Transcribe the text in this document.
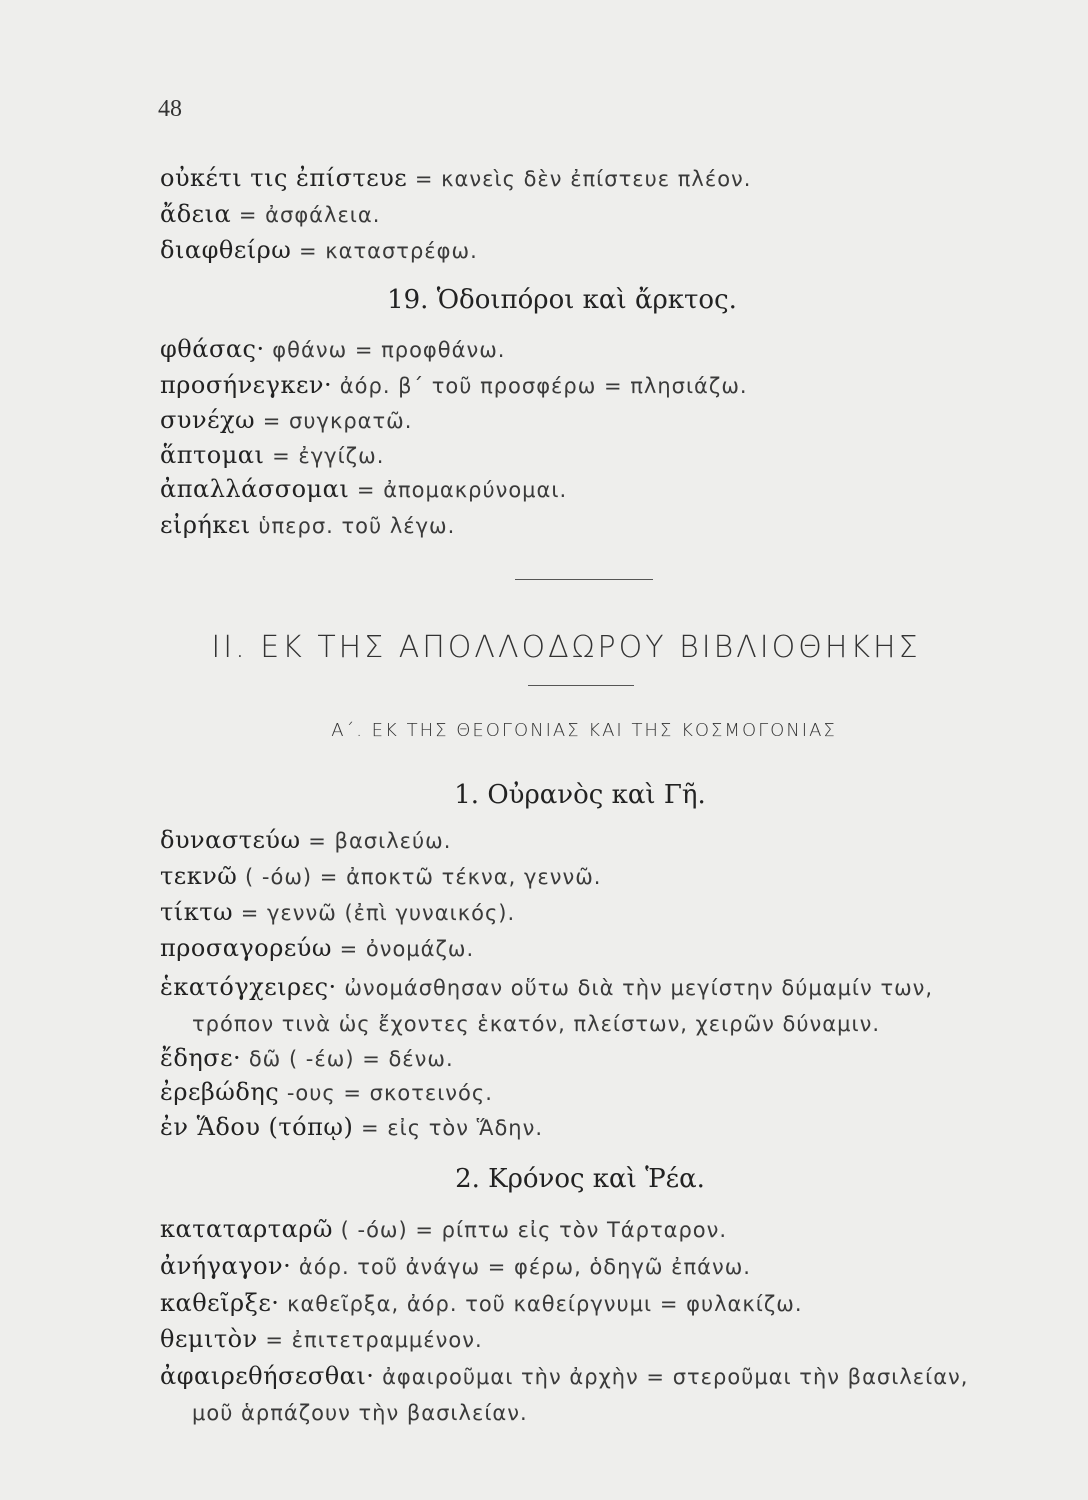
48
οὐκέτι τις ἐπίστευε = κανεὶς δὲν ἐπίστευε πλέον.
ἄδεια = ἀσφάλεια.
διαφθείρω = καταστρέφω.
19. Ὁδοιπόροι καὶ ἄρκτος.
φθάσας· φθάνω = προφθάνω.
προσήνεγκεν· ἀόρ. β΄ τοῦ προσφέρω = πλησιάζω.
συνέχω = συγκρατῶ.
ἅπτομαι = ἐγγίζω.
ἀπαλλάσσομαι = ἀπομακρύνομαι.
εἰρήκει ὑπερσ. τοῦ λέγω.
II. ΕΚ ΤΗΣ ΑΠΟΛΛΟΔΩΡΟΥ ΒΙΒΛΙΟΘΗΚΗΣ
Α΄. ΕΚ ΤΗΣ ΘΕΟΓΟΝΙΑΣ ΚΑΙ ΤΗΣ ΚΟΣΜΟΓΟΝΙΑΣ
1. Οὐρανὸς καὶ Γῆ.
δυναστεύω = βασιλεύω.
τεκνῶ ( -όω) = ἀποκτῶ τέκνα, γεννῶ.
τίκτω = γεννῶ (ἐπὶ γυναικός).
προσαγορεύω = ὀνομάζω.
ἑκατόγχειρες· ὠνομάσθησαν οὕτω διὰ τὴν μεγίστην δύμαμίν των,
τρόπον τινὰ ὡς ἔχοντες ἑκατόν, πλείστων, χειρῶν δύναμιν.
ἔδησε· δῶ ( -έω) = δένω.
ἐρεβώδης -ους = σκοτεινός.
ἐν Ἅδου (τόπῳ) = εἰς τὸν Ἅδην.
2. Κρόνος καὶ Ῥέα.
καταταρταρῶ ( -όω) = ρίπτω εἰς τὸν Τάρταρον.
ἀνήγαγον· ἀόρ. τοῦ ἀνάγω = φέρω, ὁδηγῶ ἐπάνω.
καθεῖρξε· καθεῖρξα, ἀόρ. τοῦ καθείργνυμι = φυλακίζω.
θεμιτὸν = ἐπιτετραμμένον.
ἀφαιρεθήσεσθαι· ἀφαιροῦμαι τὴν ἀρχὴν = στεροῦμαι τὴν βασιλείαν,
μοῦ ἁρπάζουν τὴν βασιλείαν.
